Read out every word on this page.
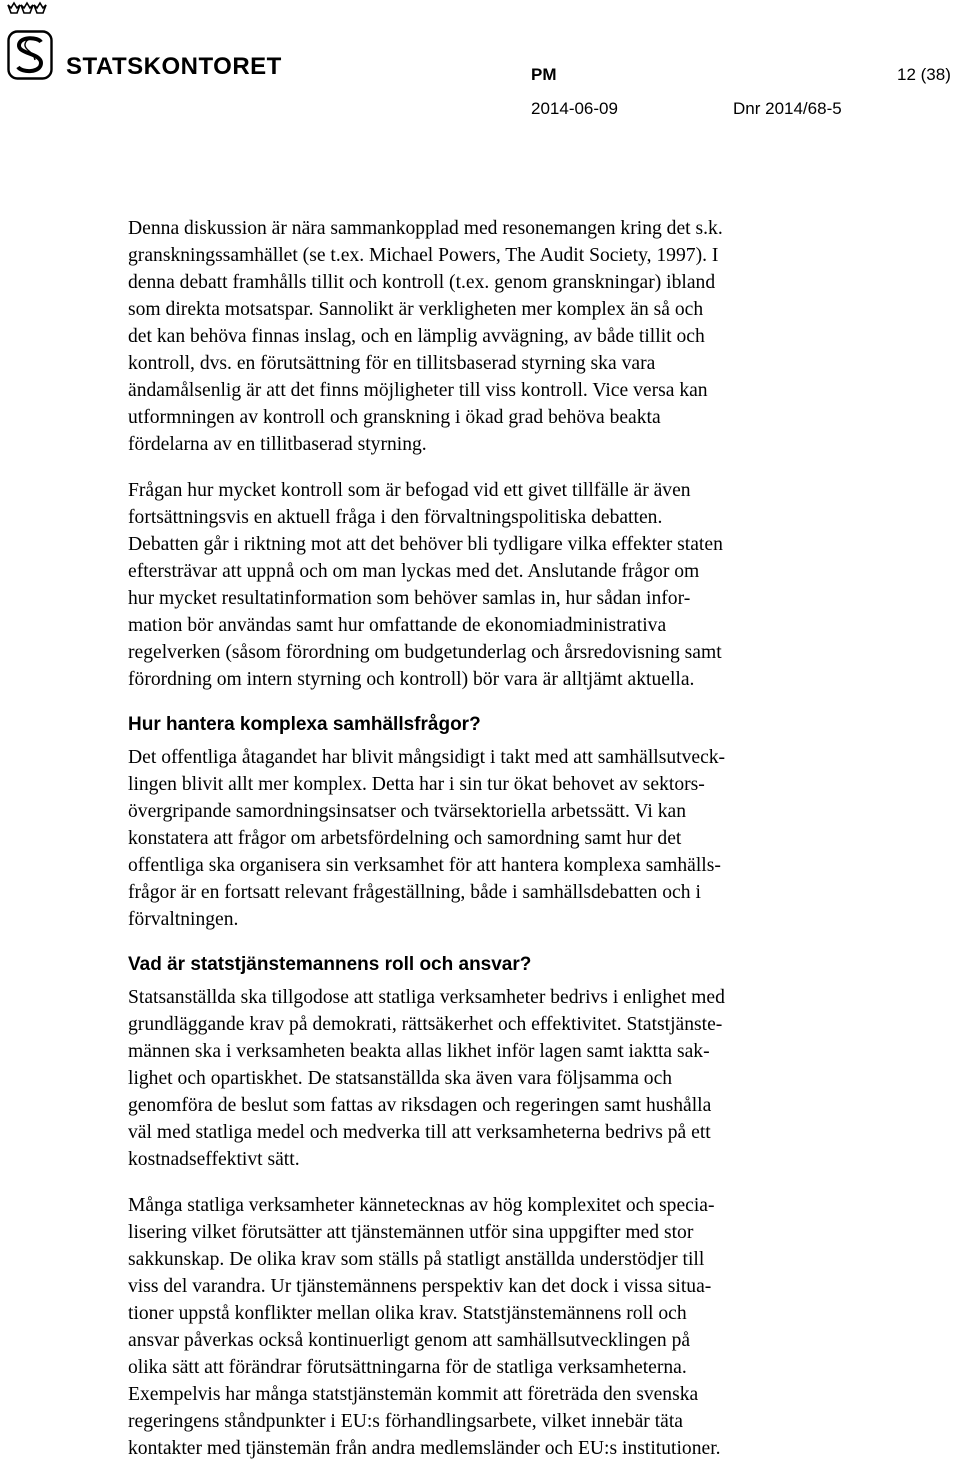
STATSKONTORET	PM	12 (38)
2014-06-09	Dnr 2014/68-5
Denna diskussion är nära sammankopplad med resonemangen kring det s.k.
granskningssamhället (se t.ex. Michael Powers, The Audit Society, 1997). I
denna debatt framhålls tillit och kontroll (t.ex. genom granskningar) ibland
som direkta motsatspar. Sannolikt är verkligheten mer komplex än så och
det kan behöva finnas inslag, och en lämplig avvägning, av både tillit och
kontroll, dvs. en förutsättning för en tillitsbaserad styrning ska vara
ändamålsenlig är att det finns möjligheter till viss kontroll. Vice versa kan
utformningen av kontroll och granskning i ökad grad behöva beakta
fördelarna av en tillitbaserad styrning.
Frågan hur mycket kontroll som är befogad vid ett givet tillfälle är även
fortsättningsvis en aktuell fråga i den förvaltningspolitiska debatten.
Debatten går i riktning mot att det behöver bli tydligare vilka effekter staten
eftersträvar att uppnå och om man lyckas med det. Anslutande frågor om
hur mycket resultatinformation som behöver samlas in, hur sådan infor-
mation bör användas samt hur omfattande de ekonomiadministrativa
regelverken (såsom förordning om budgetunderlag och årsredovisning samt
förordning om intern styrning och kontroll) bör vara är alltjämt aktuella.
Hur hantera komplexa samhällsfrågor?
Det offentliga åtagandet har blivit mångsidigt i takt med att samhällsutveck-
lingen blivit allt mer komplex. Detta har i sin tur ökat behovet av sektors-
övergripande samordningsinsatser och tvärsektoriella arbetssätt. Vi kan
konstatera att frågor om arbetsfördelning och samordning samt hur det
offentliga ska organisera sin verksamhet för att hantera komplexa samhälls-
frågor är en fortsatt relevant frågeställning, både i samhällsdebatten och i
förvaltningen.
Vad är statstjänstemannens roll och ansvar?
Statsanställda ska tillgodose att statliga verksamheter bedrivs i enlighet med
grundläggande krav på demokrati, rättsäkerhet och effektivitet. Statstjänste-
männen ska i verksamheten beakta allas likhet inför lagen samt iaktta sak-
lighet och opartiskhet. De statsanställda ska även vara följsamma och
genomföra de beslut som fattas av riksdagen och regeringen samt hushålla
väl med statliga medel och medverka till att verksamheterna bedrivs på ett
kostnadseffektivt sätt.
Många statliga verksamheter kännetecknas av hög komplexitet och specia-
lisering vilket förutsätter att tjänstemännen utför sina uppgifter med stor
sakkunskap. De olika krav som ställs på statligt anställda understödjer till
viss del varandra. Ur tjänstemännens perspektiv kan det dock i vissa situa-
tioner uppstå konflikter mellan olika krav. Statstjänstemännens roll och
ansvar påverkas också kontinuerligt genom att samhällsutvecklingen på
olika sätt att förändrar förutsättningarna för de statliga verksamheterna.
Exempelvis har många statstjänstemän kommit att företräda den svenska
regeringens ståndpunkter i EU:s förhandlingsarbete, vilket innebär täta
kontakter med tjänstemän från andra medlemsländer och EU:s institutioner.
